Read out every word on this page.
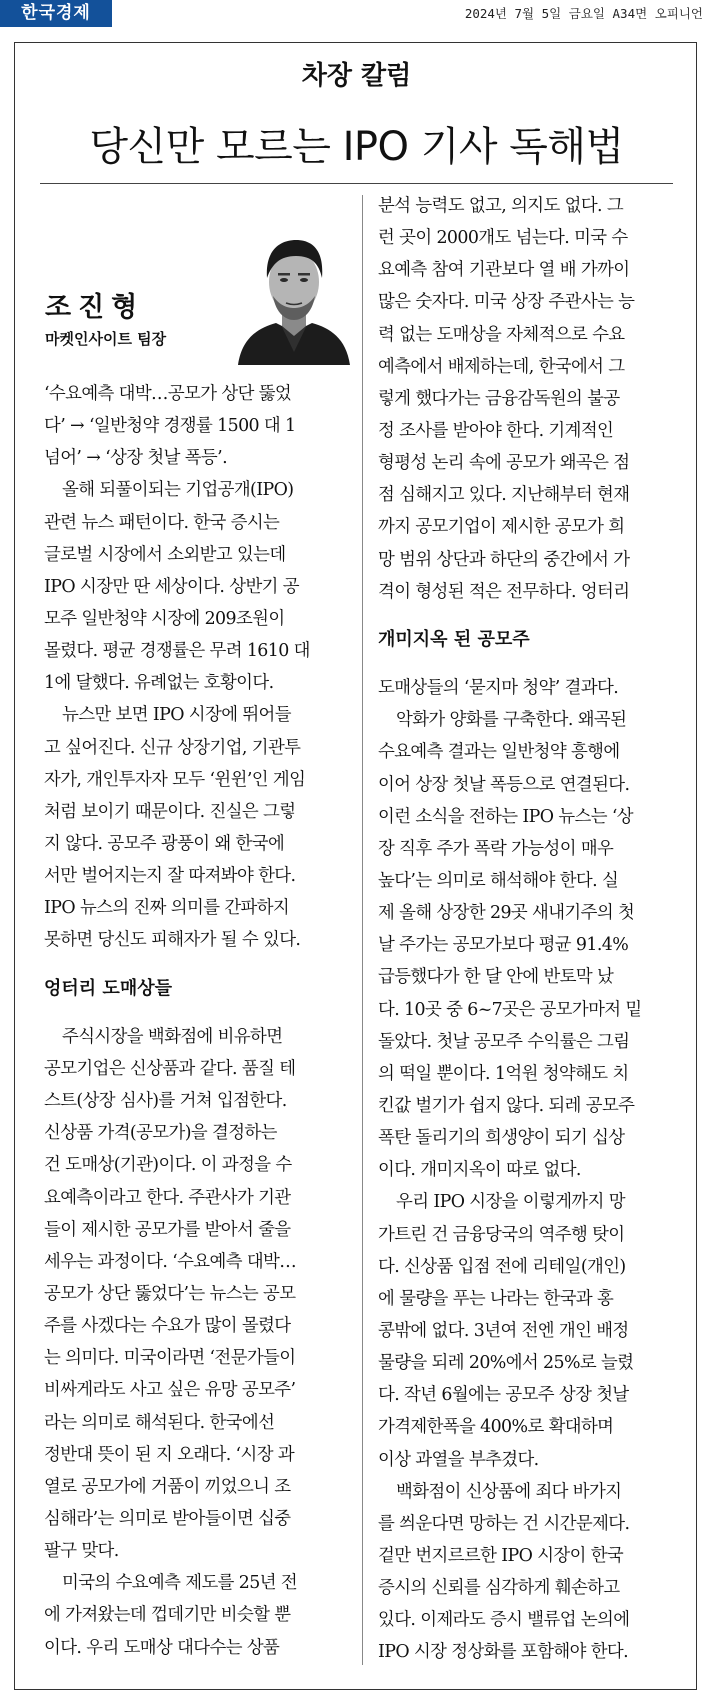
한국경제	2024년 7월 5일 금요일 A34면 오피니언
차장 칼럼
당신만 모르는 IPO 기사 독해법
조진형
마켓인사이트 팀장
‘수요예측 대박…공모가 상단 뚫었
다’ → ‘일반청약 경쟁률 1500 대 1
넘어’ → ‘상장 첫날 폭등’.
올해 되풀이되는 기업공개(IPO)
관련 뉴스 패턴이다. 한국 증시는
글로벌 시장에서 소외받고 있는데
IPO 시장만 딴 세상이다. 상반기 공
모주 일반청약 시장에 209조원이
몰렸다. 평균 경쟁률은 무려 1610 대
1에 달했다. 유례없는 호황이다.
뉴스만 보면 IPO 시장에 뛰어들
고 싶어진다. 신규 상장기업, 기관투
자가, 개인투자자 모두 ‘윈윈’인 게임
처럼 보이기 때문이다. 진실은 그렇
지 않다. 공모주 광풍이 왜 한국에
서만 벌어지는지 잘 따져봐야 한다.
IPO 뉴스의 진짜 의미를 간파하지
못하면 당신도 피해자가 될 수 있다.
엉터리 도매상들
주식시장을 백화점에 비유하면
공모기업은 신상품과 같다. 품질 테
스트(상장 심사)를 거쳐 입점한다.
신상품 가격(공모가)을 결정하는
건 도매상(기관)이다. 이 과정을 수
요예측이라고 한다. 주관사가 기관
들이 제시한 공모가를 받아서 줄을
세우는 과정이다. ‘수요예측 대박…
공모가 상단 뚫었다’는 뉴스는 공모
주를 사겠다는 수요가 많이 몰렸다
는 의미다. 미국이라면 ‘전문가들이
비싸게라도 사고 싶은 유망 공모주’
라는 의미로 해석된다. 한국에선
정반대 뜻이 된 지 오래다. ‘시장 과
열로 공모가에 거품이 끼었으니 조
심해라’는 의미로 받아들이면 십중
팔구 맞다.
미국의 수요예측 제도를 25년 전
에 가져왔는데 껍데기만 비슷할 뿐
이다. 우리 도매상 대다수는 상품
분석 능력도 없고, 의지도 없다. 그
런 곳이 2000개도 넘는다. 미국 수
요예측 참여 기관보다 열 배 가까이
많은 숫자다. 미국 상장 주관사는 능
력 없는 도매상을 자체적으로 수요
예측에서 배제하는데, 한국에서 그
렇게 했다가는 금융감독원의 불공
정 조사를 받아야 한다. 기계적인
형평성 논리 속에 공모가 왜곡은 점
점 심해지고 있다. 지난해부터 현재
까지 공모기업이 제시한 공모가 희
망 범위 상단과 하단의 중간에서 가
격이 형성된 적은 전무하다. 엉터리
개미지옥 된 공모주
도매상들의 ‘묻지마 청약’ 결과다.
악화가 양화를 구축한다. 왜곡된
수요예측 결과는 일반청약 흥행에
이어 상장 첫날 폭등으로 연결된다.
이런 소식을 전하는 IPO 뉴스는 ‘상
장 직후 주가 폭락 가능성이 매우
높다’는 의미로 해석해야 한다. 실
제 올해 상장한 29곳 새내기주의 첫
날 주가는 공모가보다 평균 91.4%
급등했다가 한 달 안에 반토막 났
다. 10곳 중 6~7곳은 공모가마저 밑
돌았다. 첫날 공모주 수익률은 그림
의 떡일 뿐이다. 1억원 청약해도 치
킨값 벌기가 쉽지 않다. 되레 공모주
폭탄 돌리기의 희생양이 되기 십상
이다. 개미지옥이 따로 없다.
우리 IPO 시장을 이렇게까지 망
가트린 건 금융당국의 역주행 탓이
다. 신상품 입점 전에 리테일(개인)
에 물량을 푸는 나라는 한국과 홍
콩밖에 없다. 3년여 전엔 개인 배정
물량을 되레 20%에서 25%로 늘렸
다. 작년 6월에는 공모주 상장 첫날
가격제한폭을 400%로 확대하며
이상 과열을 부추겼다.
백화점이 신상품에 죄다 바가지
를 씌운다면 망하는 건 시간문제다.
겉만 번지르르한 IPO 시장이 한국
증시의 신뢰를 심각하게 훼손하고
있다. 이제라도 증시 밸류업 논의에
IPO 시장 정상화를 포함해야 한다.
